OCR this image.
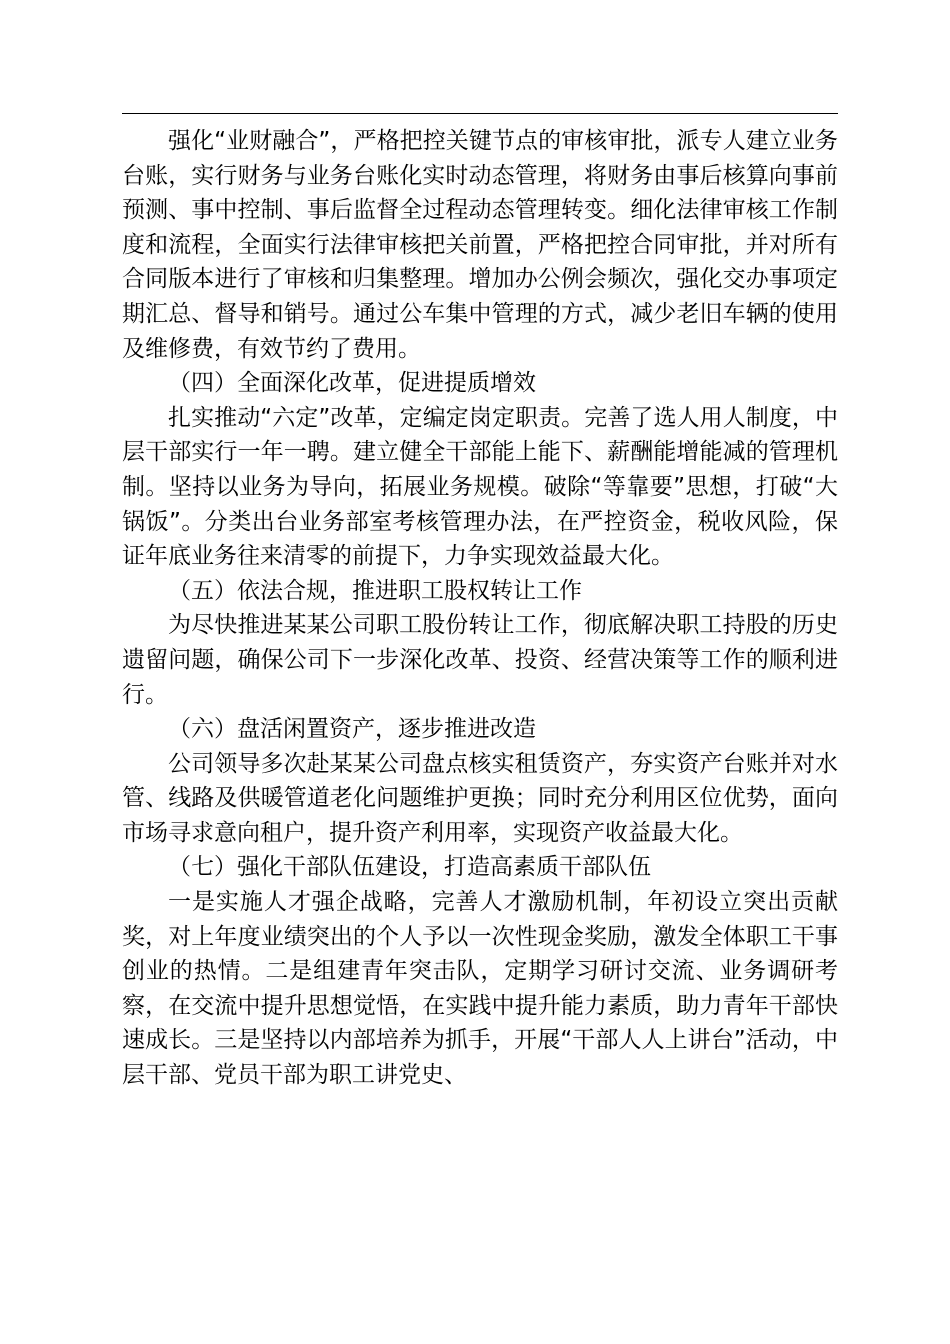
强化“业财融合”，严格把控关键节点的审核审批，派专人建立业务台账，实行财务与业务台账化实时动态管理，将财务由事后核算向事前预测、事中控制、事后监督全过程动态管理转变。细化法律审核工作制度和流程，全面实行法律审核把关前置，严格把控合同审批，并对所有合同版本进行了审核和归集整理。增加办公例会频次，强化交办事项定期汇总、督导和销号。通过公车集中管理的方式，减少老旧车辆的使用及维修费，有效节约了费用。

（四）全面深化改革，促进提质增效

扎实推动“六定”改革，定编定岗定职责。完善了选人用人制度，中层干部实行一年一聘。建立健全干部能上能下、薪酬能增能减的管理机制。坚持以业务为导向，拓展业务规模。破除“等靠要”思想，打破“大锅饭”。分类出台业务部室考核管理办法，在严控资金，税收风险，保证年底业务往来清零的前提下，力争实现效益最大化。

（五）依法合规，推进职工股权转让工作

为尽快推进某某公司职工股份转让工作，彻底解决职工持股的历史遗留问题，确保公司下一步深化改革、投资、经营决策等工作的顺利进行。

（六）盘活闲置资产，逐步推进改造

公司领导多次赴某某公司盘点核实租赁资产，夯实资产台账并对水管、线路及供暖管道老化问题维护更换；同时充分利用区位优势，面向市场寻求意向租户，提升资产利用率，实现资产收益最大化。

（七）强化干部队伍建设，打造高素质干部队伍

一是实施人才强企战略，完善人才激励机制，年初设立突出贡献奖，对上年度业绩突出的个人予以一次性现金奖励，激发全体职工干事创业的热情。二是组建青年突击队，定期学习研讨交流、业务调研考察，在交流中提升思想觉悟，在实践中提升能力素质，助力青年干部快速成长。三是坚持以内部培养为抓手，开展“干部人人上讲台”活动，中层干部、党员干部为职工讲党史、
